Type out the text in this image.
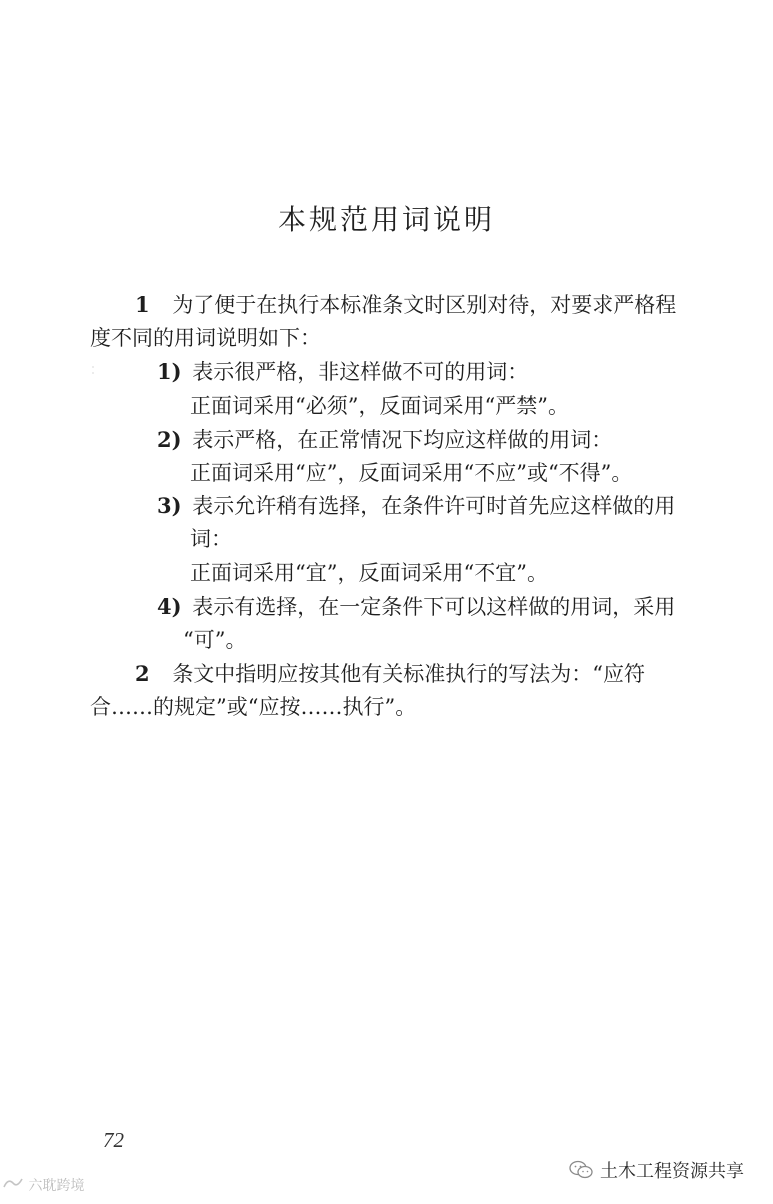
本规范用词说明
1 为了便于在执行本标准条文时区别对待，对要求严格程
度不同的用词说明如下：
1) 表示很严格，非这样做不可的用词：
正面词采用“必须”，反面词采用“严禁”。
2) 表示严格，在正常情况下均应这样做的用词：
正面词采用“应”，反面词采用“不应”或“不得”。
3) 表示允许稍有选择，在条件许可时首先应这样做的用
词：
正面词采用“宜”，反面词采用“不宜”。
4) 表示有选择，在一定条件下可以这样做的用词，采用
“可”。
2 条文中指明应按其他有关标准执行的写法为：“应符
合……的规定”或“应按……执行”。
72
六耽跨境
土木工程资源共享
